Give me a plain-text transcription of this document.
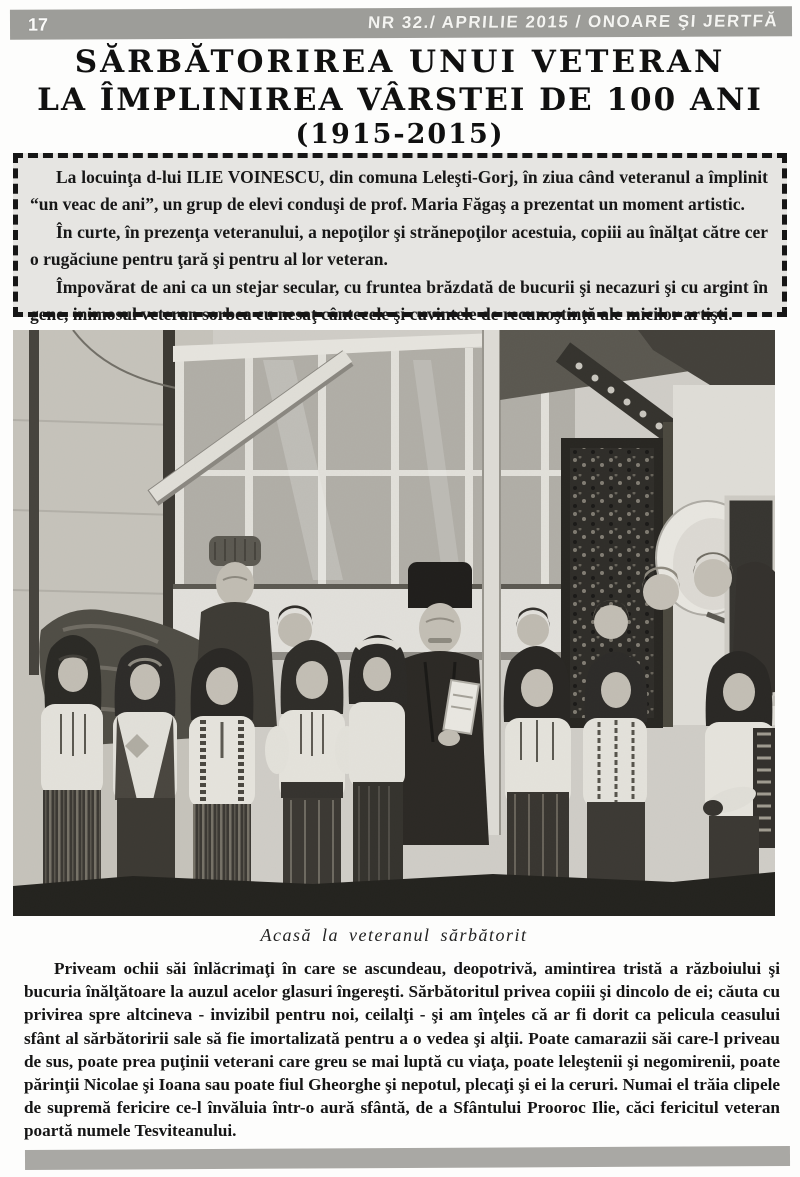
17	NR 32./ APRILIE 2015 / ONOARE ŞI JERTFĂ
SĂRBĂTORIREA UNUI VETERAN
LA ÎMPLINIREA VÂRSTEI DE 100 ANI
(1915-2015)

La locuinţa d-lui ILIE VOINESCU, din comuna Leleşti-Gorj, în ziua când veteranul a împlinit “un veac de ani”, un grup de elevi conduşi de prof. Maria Făgaş a prezentat un moment artistic.

În curte, în prezenţa veteranului, a nepoţilor şi strănepoţilor acestuia, copiii au înălţat către cer o rugăciune pentru ţară şi pentru al lor veteran.

Împovărat de ani ca un stejar secular, cu fruntea brăzdată de bucurii şi necazuri şi cu argint în gene, inimosul veteran sorbea cu nesaţ cântecele şi cuvintele de recunoştinţă ale micilor artişti.

Acasă la veteranul sărbătorit

Priveam ochii săi înlăcrimaţi în care se ascundeau, deopotrivă, amintirea tristă a războiului şi bucuria înălţătoare la auzul acelor glasuri îngereşti. Sărbătoritul privea copiii şi dincolo de ei; căuta cu privirea spre altcineva - invizibil pentru noi, ceilalţi - şi am înţeles că ar fi dorit ca pelicula ceasului sfânt al sărbătoririi sale să fie imortalizată pentru a o vedea şi alţii. Poate camarazii săi care-l priveau de sus, poate prea puţinii veterani care greu se mai luptă cu viaţa, poate leleştenii şi negomirenii, poate părinţii Nicolae şi Ioana sau poate fiul Gheorghe şi nepotul, plecaţi şi ei la ceruri. Numai el trăia clipele de supremă fericire ce-l învăluia într-o aură sfântă, de a Sfântului Prooroc Ilie, căci fericitul veteran poartă numele Tesviteanului.
